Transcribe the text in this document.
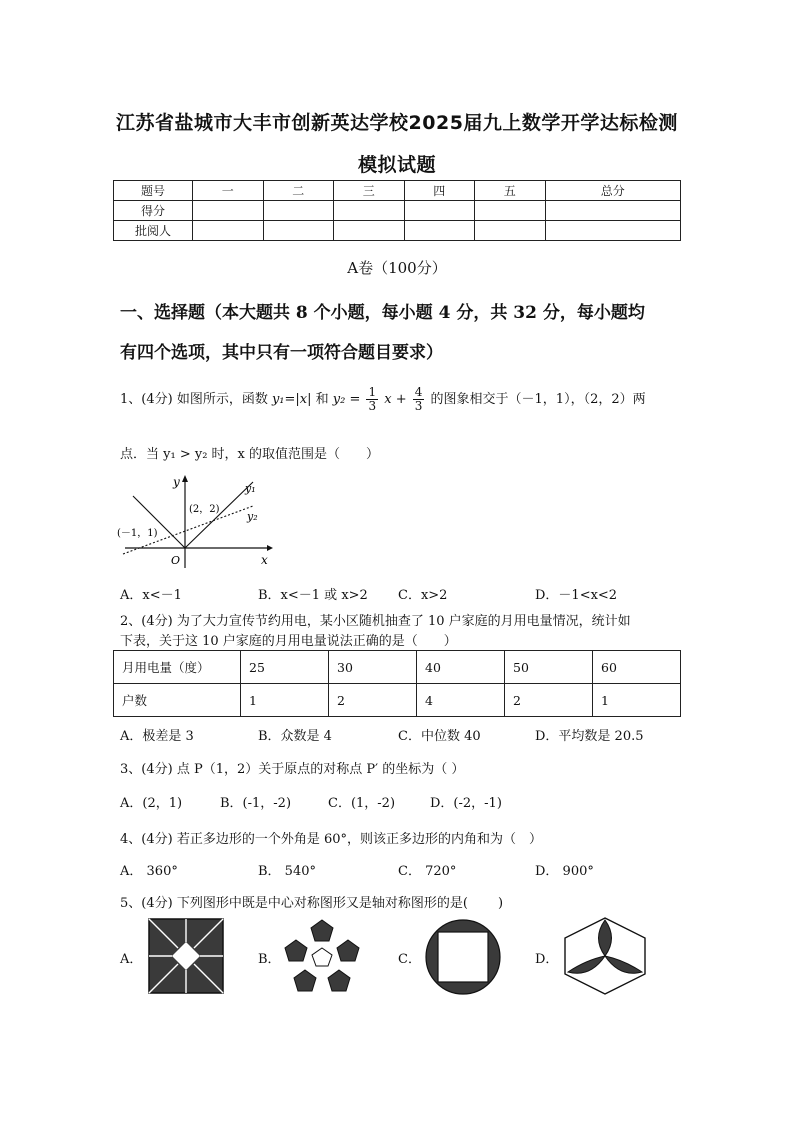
江苏省盐城市大丰市创新英达学校2025届九上数学开学达标检测
模拟试题
题号	一	二	三	四	五	总分
得分						
批阅人						
A卷（100分）
一、选择题（本大题共 8 个小题，每小题 4 分，共 32 分，每小题均
有四个选项，其中只有一项符合题目要求）
1、(4分) 如图所示，函数 y₁=|x| 和 $y_2 = \frac{1}{3}$ $x + \frac{4}{3}$ 的图象相交于（－1，1），（2，2）两
点．当 y₁ > y₂ 时，x 的取值范围是（　　）
y
x
O
y₁
y₂
(2，2)
(－1，1)
A．x<－1	B．x<－1 或 x>2 C．x>2	D．－1<x<2
2、(4分) 为了大力宣传节约用电，某小区随机抽查了 10 户家庭的月用电量情况，统计如
下表，关于这 10 户家庭的月用电量说法正确的是（　　）
月用电量（度）	25	30	40	50	60
户数	1	2	4	2	1
A．极差是 3	B．众数是 4	C．中位数 40	D．平均数是 20.5
3、(4分) 点 P（1，2）关于原点的对称点 P′ 的坐标为（ ）
A．(2，1)	B．(-1，-2)	C．(1，-2)	D．(-2，-1)
4、(4分) 若正多边形的一个外角是 60°，则该正多边形的内角和为（　）
A． 360°	B． 540°	C． 720°	D． 900°
5、(4分) 下列图形中既是中心对称图形又是轴对称图形的是(　　 )
A．	B．	C．	D．
